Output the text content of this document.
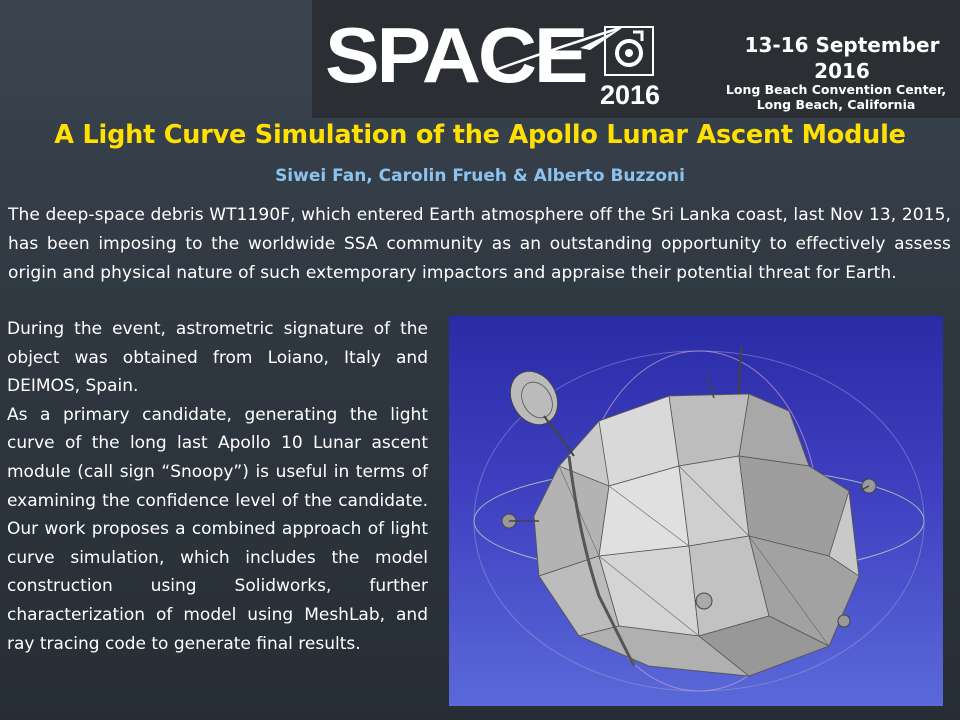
SPACE 2016
13-16 September
2016
Long Beach Convention Center,
Long Beach, California
A Light Curve Simulation of the Apollo Lunar Ascent Module
Siwei Fan, Carolin Frueh & Alberto Buzzoni

The deep-space debris WT1190F, which entered Earth atmosphere off the Sri Lanka coast, last Nov 13, 2015, has been imposing to the worldwide SSA community as an outstanding opportunity to effectively assess origin and physical nature of such extemporary impactors and appraise their potential threat for Earth.

During the event, astrometric signature of the object was obtained from Loiano, Italy and DEIMOS, Spain.

As a primary candidate, generating the light curve of the long last Apollo 10 Lunar ascent module (call sign “Snoopy”) is useful in terms of examining the confidence level of the candidate. Our work proposes a combined approach of light curve simulation, which includes the model construction using Solidworks, further characterization of model using MeshLab, and ray tracing code to generate final results.
